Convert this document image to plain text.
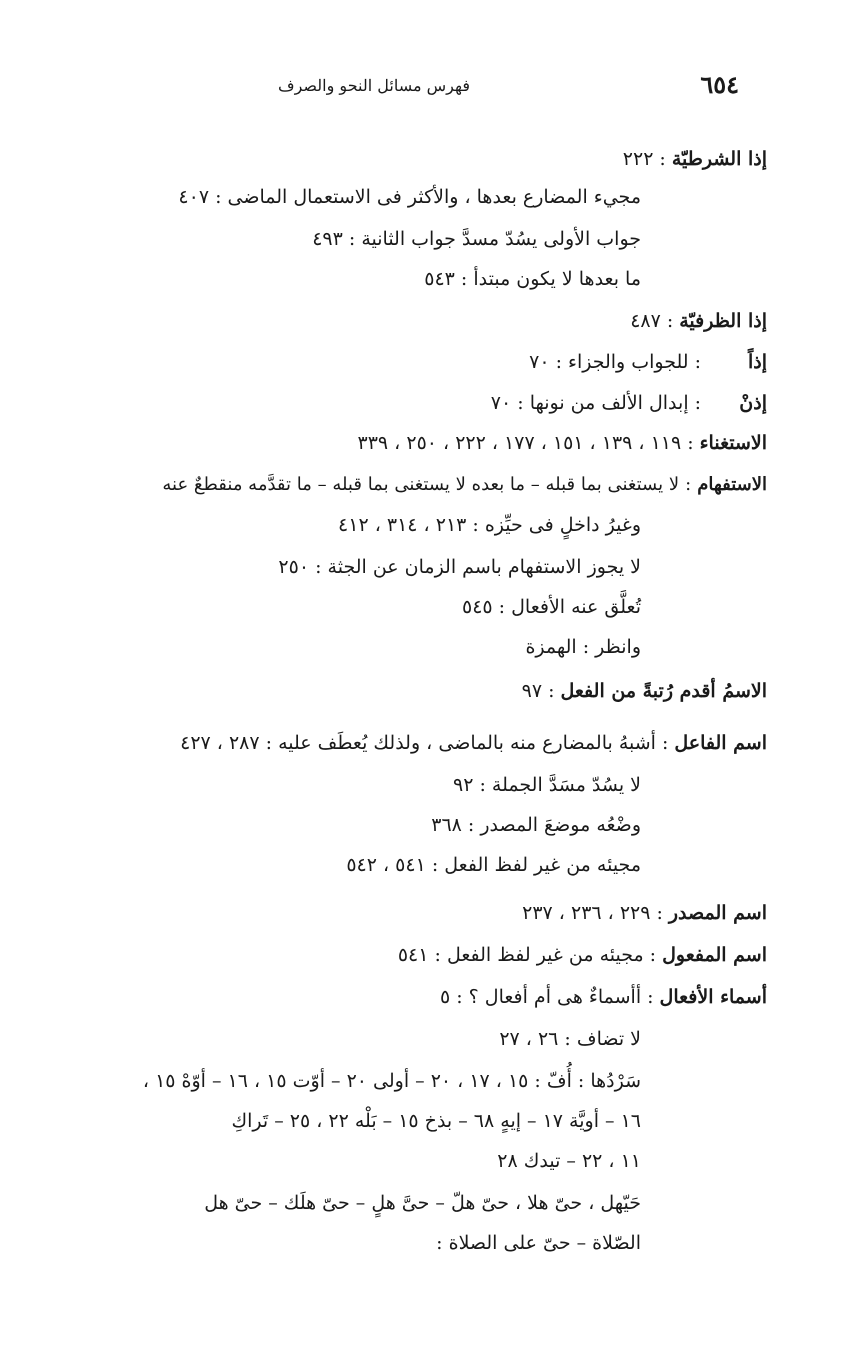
٦٥٤
فهرس مسائل النحو والصرف
إذا الشرطيّة:٢٢٢
مجيء المضارع بعدها ، والأكثر فى الاستعمال الماضى : ٤٠٧
جواب الأولى يسُدّ مسدَّ جواب الثانية : ٤٩٣
ما بعدها لا يكون مبتدأ : ٥٤٣
إذا الظرفيّة:٤٨٧
إذاً:للجواب والجزاء : ٧٠
إذنْ:إبدال الألف من نونها : ٧٠
الاستغناء:١١٩ ، ١٣٩ ، ١٥١ ، ١٧٧ ، ٢٢٢ ، ٢٥٠ ، ٣٣٩
الاستفهام:لا يستغنى بما قبله – ما بعده لا يستغنى بما قبله – ما تقدَّمه منقطعٌ عنه
وغيرُ داخلٍ فى حيِّزه : ٢١٣ ، ٣١٤ ، ٤١٢
لا يجوز الاستفهام باسم الزمان عن الجثة : ٢٥٠
تُعلَّق عنه الأفعال : ٥٤٥
وانظر : الهمزة
الاسمُ أقدم رُتبةً من الفعل:٩٧
اسم الفاعل:أشبهُ بالمضارع منه بالماضى ، ولذلك يُعطَف عليه : ٢٨٧ ، ٤٢٧
لا يسُدّ مسَدَّ الجملة : ٩٢
وضْعُه موضعَ المصدر : ٣٦٨
مجيئه من غير لفظ الفعل : ٥٤١ ، ٥٤٢
اسم المصدر:٢٢٩ ، ٢٣٦ ، ٢٣٧
اسم المفعول:مجيئه من غير لفظ الفعل : ٥٤١
أسماء الأفعال:أأسماءٌ هى أم أفعال ؟ : ٥
لا تضاف : ٢٦ ، ٢٧
سَرْدُها : أُفّ : ١٥ ، ١٧ ، ٢٠ – أولى ٢٠ – أوّت ١٥ ، ١٦ – أوّهْ ١٥ ،
١٦ – أويَّة ١٧ – إيهٍ ٦٨ – بذخ ١٥ – بَلْه ٢٢ ، ٢٥ – تَراكِ
١١ ، ٢٢ – تيدك ٢٨
حَيّهل ، حىّ هلا ، حىّ هلّ – حىَّ هلٍ – حىّ هلَك – حىّ هل
الصّلاة – حىّ على الصلاة :
